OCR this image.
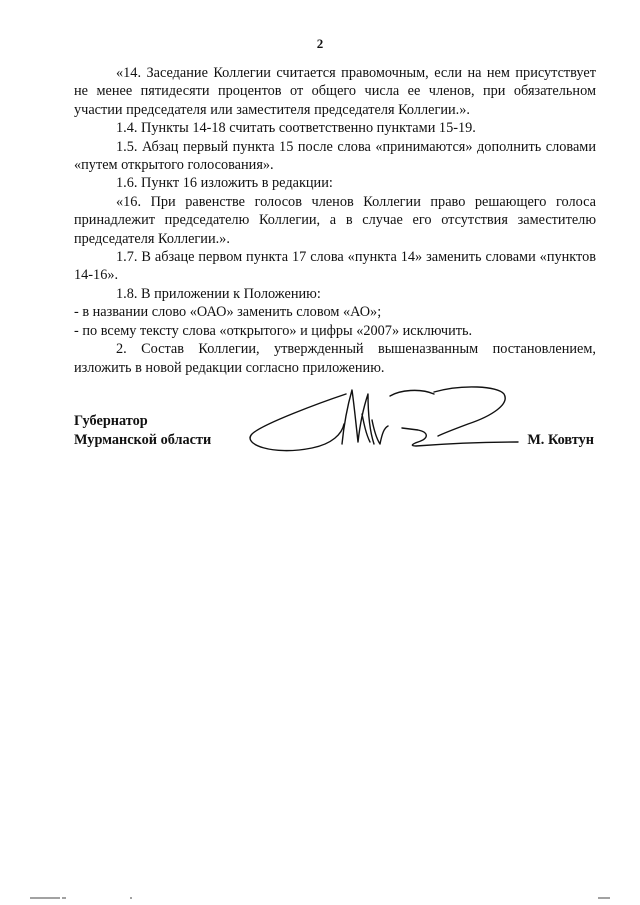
2

«14. Заседание Коллегии считается правомочным, если на нем присутствует не менее пятидесяти процентов от общего числа ее членов, при обязательном участии председателя или заместителя председателя Коллегии.».

1.4. Пункты 14-18 считать соответственно пунктами 15-19.

1.5. Абзац первый пункта 15 после слова «принимаются» дополнить словами «путем открытого голосования».

1.6. Пункт 16 изложить в редакции:

«16. При равенстве голосов членов Коллегии право решающего голоса принадлежит председателю Коллегии, а в случае его отсутствия заместителю председателя Коллегии.».

1.7. В абзаце первом пункта 17 слова «пункта 14» заменить словами «пунктов 14-16».

1.8. В приложении к Положению:

- в названии слово «ОАО» заменить словом «АО»;

- по всему тексту слова «открытого» и цифры «2007» исключить.

2. Состав Коллегии, утвержденный вышеназванным постановлением, изложить в новой редакции согласно приложению.

Губернатор
Мурманской области	М. Ковтун
